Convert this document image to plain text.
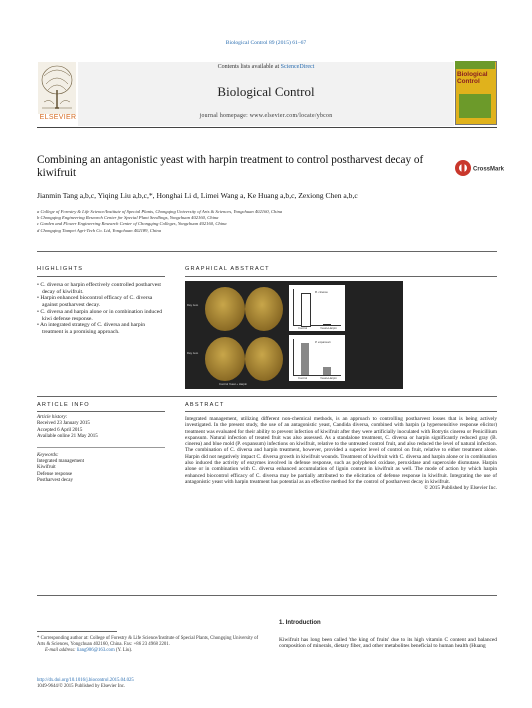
Biological Control 89 (2015) 61–67
Contents lists available at ScienceDirect
Biological Control
journal homepage: www.elsevier.com/locate/ybcon
ELSEVIER
Biological Control
Combining an antagonistic yeast with harpin treatment to control postharvest decay of kiwifruit	CrossMark
Jianmin Tang a,b,c, Yiqing Liu a,b,c,*, Honghai Li d, Limei Wang a, Ke Huang a,b,c, Zexiong Chen a,b,c
a College of Forestry & Life Science/Institute of Special Plants, Chongqing University of Arts & Sciences, Yongchuan 402160, China
b Chongqing Engineering Research Center for Special Plant Seedlings, Yongchuan 402160, China
c Garden and Flower Engineering Research Center of Chongqing Colleges, Yongchuan 402160, China
d Chongqing Tianpei Agri-Tech Co. Ltd, Yongchuan 402189, China
HIGHLIGHTS
• C. diversa or harpin effectively controlled postharvest decay of kiwifruit.
• Harpin enhanced biocontrol efficacy of C. diversa against postharvest decay.
• C. diversa and harpin alone or in combination induced kiwi defense response.
• An integrated strategy of C. diversa and harpin treatment is a promising approach.
GRAPHICAL ABSTRACT
Day zero
Day zero
B. cinerea
Control	Yeast+Harpin
P. expansum
Control	Yeast+Harpin
Control Yeast + Harpin
ARTICLE INFO
Article history:
Received 23 January 2015
Accepted 6 April 2015
Available online 21 May 2015
Keywords:
Integrated management
Kiwifruit
Defense response
Postharvest decay
ABSTRACT
Integrated management, utilizing different non-chemical methods, is an approach to controlling postharvest losses that is being actively investigated. In the present study, the use of an antagonistic yeast, Candida diversa, combined with harpin (a hypersensitive response elicitor) treatment was evaluated for their ability to prevent infection of kiwifruit after they were artificially inoculated with Botrytis cinerea or Penicillium expansum. Natural infection of treated fruit was also assessed. As a standalone treatment, C. diversa or harpin significantly reduced gray (B. cinerea) and blue mold (P. expansum) infections on kiwifruit, relative to the untreated control fruit, and also reduced the level of natural infection. The combination of C. diversa and harpin treatment, however, provided a superior level of control on fruit, relative to either treatment alone. Harpin did not negatively impact C. diversa growth in kiwifruit wounds. Treatment of kiwifruit with C. diversa and harpin alone or in combination also induced the activity of enzymes involved in defense response, such as polyphenol oxidase, peroxidase and superoxide dismutase. Harpin alone or in combination with C. diversa enhanced accumulation of lignin content in kiwifruit as well. The mode of action by which harpin enhanced biocontrol efficacy of C. diversa may be partially attributed to the elicitation of defense response in kiwifruit. Integrating the use of antagonistic yeast with harpin treatment has potential as an effective method for the control of postharvest decay in kiwifruit.
© 2015 Published by Elsevier Inc.
1. Introduction
Kiwifruit has long been called 'the king of fruits' due to its high vitamin C content and balanced composition of minerals, dietary fiber, and other metabolites beneficial to human health (Huang
* Corresponding author at: College of Forestry & Life Science/Institute of Special Plants, Chongqing University of Arts & Sciences, Yongchuan 402160, China. Fax: +86 23 4968 2201.
E-mail address: liang906@163.com (Y. Liu).
http://dx.doi.org/10.1016/j.biocontrol.2015.04.025
1049-9644/© 2015 Published by Elsevier Inc.
